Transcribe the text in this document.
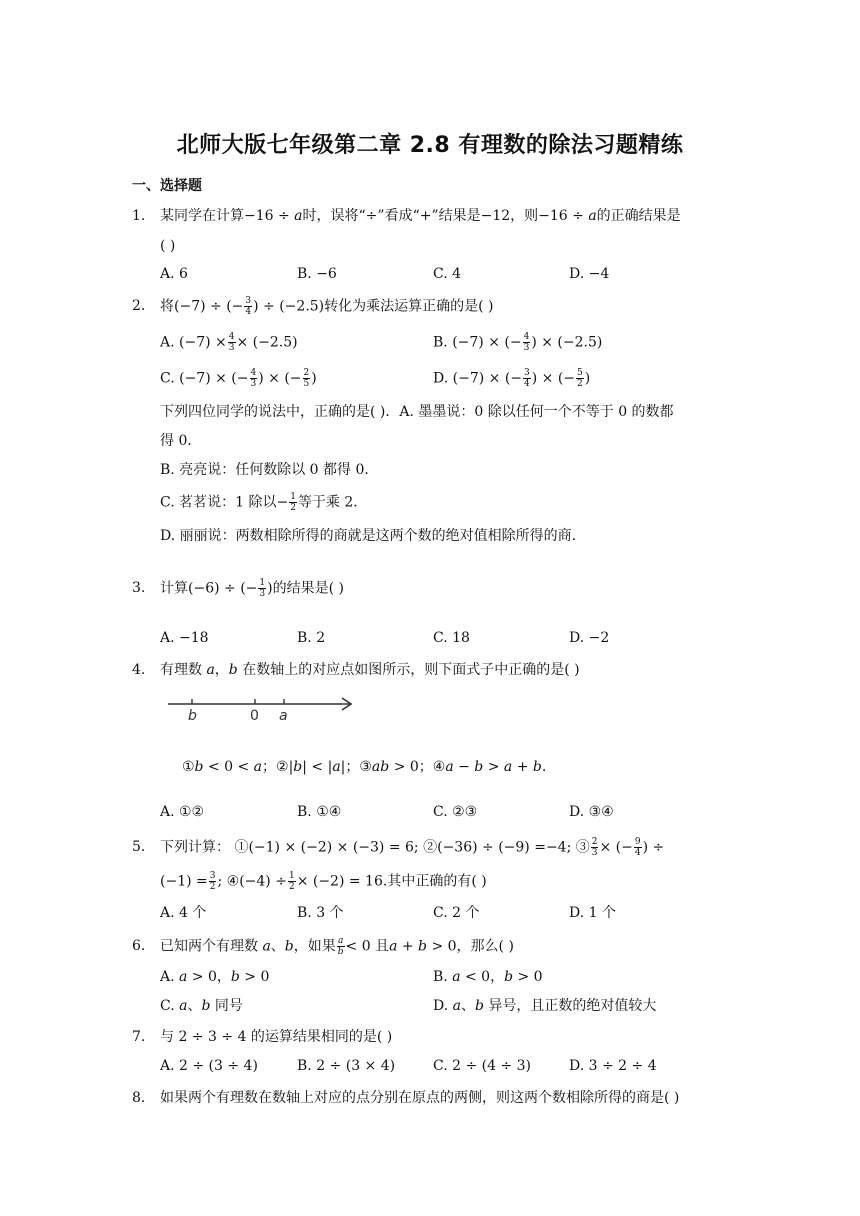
北师大版七年级第二章 2.8 有理数的除法习题精练
一、选择题
1. 某同学在计算−16 ÷ 𝑎时，误将“÷”看成“+”结果是−12，则−16 ÷ 𝑎的正确结果是
( )
A. 6	B. −6	C. 4	D. −4
2. 将(−7) ÷ (− $\frac{3}{4}$ ) ÷ (−2.5)转化为乘法运算正确的是( )
A. $(-7) \times \frac{4}{3} \times (-2.5)$	B. (−7) × (− $\frac{4}{3}$ ) × (−2.5)
C. (−7) × (− $\frac{4}{3}$ ) × (− $\frac{2}{5}$ )	D. (−7) × (− $\frac{3}{4}$ ) × (− $\frac{5}{2}$ )
下列四位同学的说法中，正确的是( )．A. 墨墨说：0 除以任何一个不等于 0 的数都
得 0．
B. 亮亮说：任何数除以 0 都得 0．
C. 茗茗说：1 除以− $\frac{1}{2}$ 等于乘 2．
D. 丽丽说：两数相除所得的商就是这两个数的绝对值相除所得的商.
3. 计算(−6) ÷ (− $\frac{1}{3}$ )的结果是( )
A. −18	B. 2	C. 18	D. −2
4. 有理数 𝑎，𝑏 在数轴上的对应点如图所示，则下面式子中正确的是( )
b	0 a
①𝑏 < 0 < 𝑎；②|𝑏| < |𝑎|；③𝑎𝑏 > 0；④𝑎 − 𝑏 > 𝑎 + 𝑏.
A. ①②	B. ①④	C. ②③	D. ③④
5. 下列计算： ①(−1) × (−2) × (−3) = 6; ②(−36) ÷ (−9) =−4; ③ $\frac{2}{3}$ × (− $\frac{9}{4}$ ) ÷
$(-1) = \frac{3}{2}$ ; ④(−4) ÷ $\frac{1}{2} \times (-2) = 16$.其中正确的有( )
A. 4 个	B. 3 个	C. 2 个	D. 1 个
6. 已知两个有理数 𝑎、𝑏，如果 $\frac{\text{𝑎}}{\text{𝑏}} < 0$ 且𝑎 + 𝑏 > 0，那么( )
A. 𝑎 > 0，𝑏 > 0	B. 𝑎 < 0，𝑏 > 0
C. 𝑎、𝑏 同号	D. 𝑎、𝑏 异号，且正数的绝对值较大
7. 与 2 ÷ 3 ÷ 4 的运算结果相同的是( )
A. 2 ÷ (3 ÷ 4)	B. 2 ÷ (3 × 4)	C. 2 ÷ (4 ÷ 3)	D. 3 ÷ 2 ÷ 4
8. 如果两个有理数在数轴上对应的点分别在原点的两侧，则这两个数相除所得的商是( )
